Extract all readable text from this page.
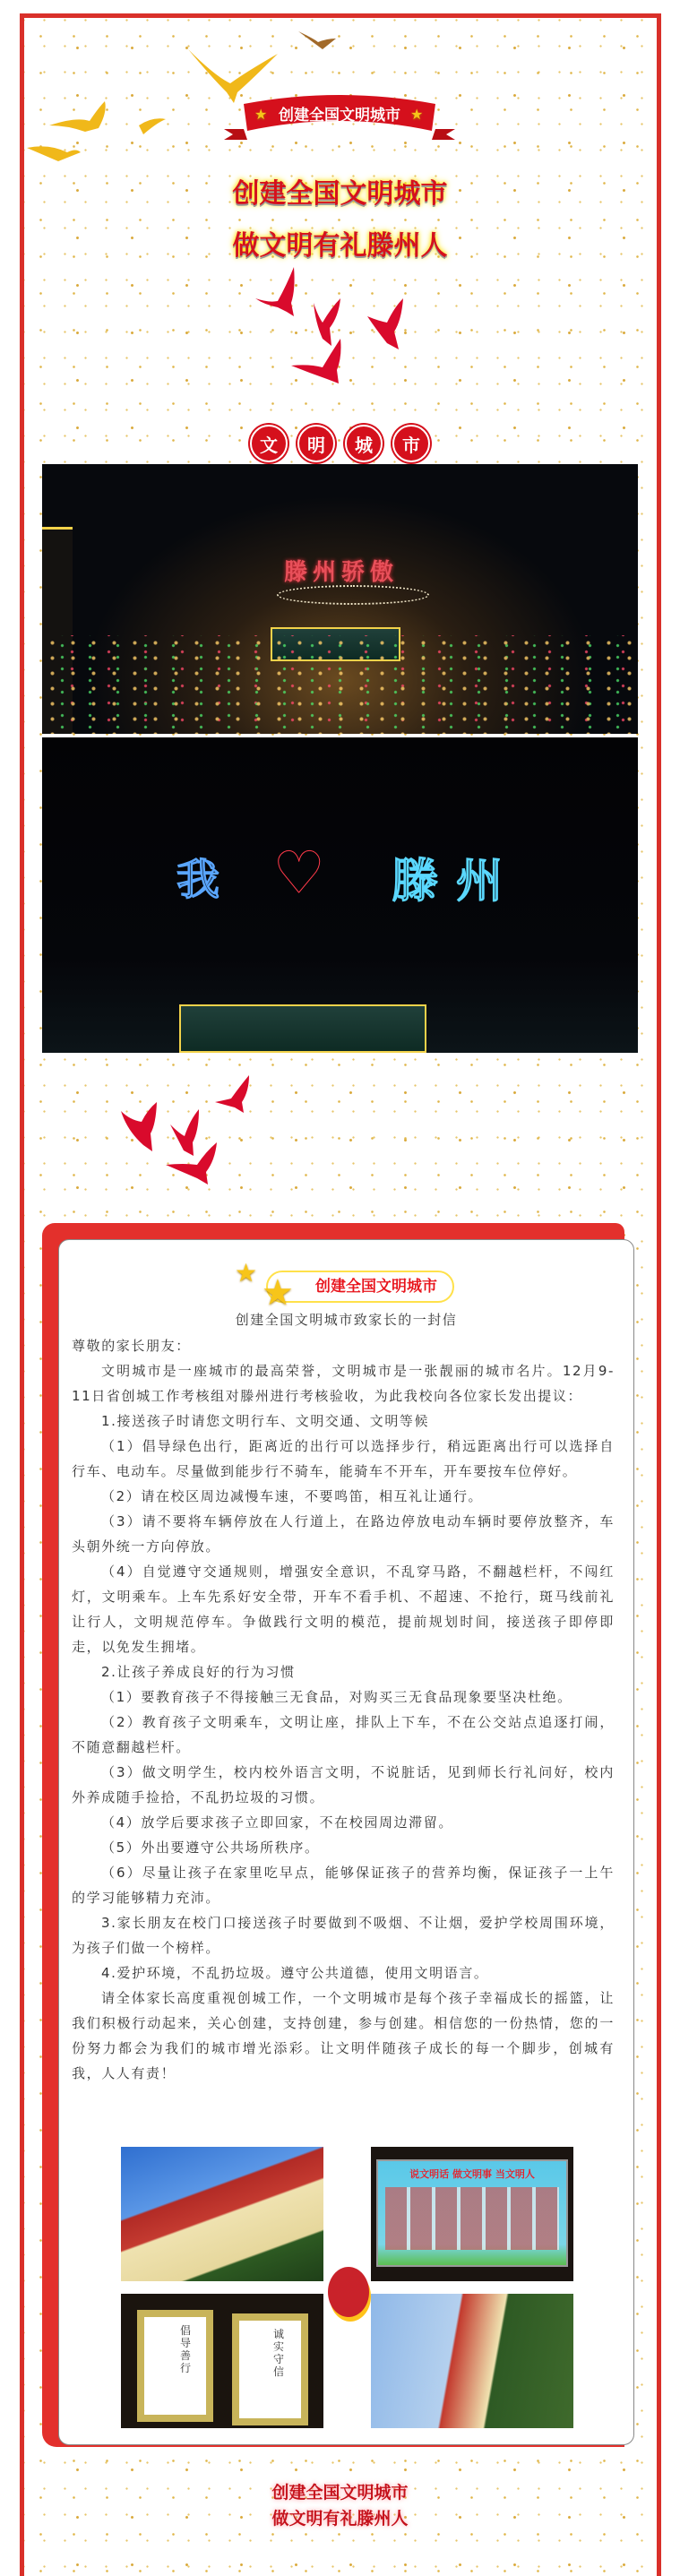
★	★
创建全国文明城市
创建全国文明城市
做文明有礼滕州人
文	明	城	市
滕州骄傲
我 ♥ 滕州
★ ★	创建全国文明城市
创建全国文明城市致家长的一封信

尊敬的家长朋友：

文明城市是一座城市的最高荣誉，文明城市是一张靓丽的城市名片。12月9-11日省创城工作考核组对滕州进行考核验收，为此我校向各位家长发出提议：

1.接送孩子时请您文明行车、文明交通、文明等候

（1）倡导绿色出行，距离近的出行可以选择步行，稍远距离出行可以选择自行车、电动车。尽量做到能步行不骑车，能骑车不开车，开车要按车位停好。

（2）请在校区周边减慢车速，不要鸣笛，相互礼让通行。

（3）请不要将车辆停放在人行道上，在路边停放电动车辆时要停放整齐，车头朝外统一方向停放。

（4）自觉遵守交通规则，增强安全意识，不乱穿马路，不翻越栏杆，不闯红灯，文明乘车。上车先系好安全带，开车不看手机、不超速、不抢行，斑马线前礼让行人，文明规范停车。争做践行文明的模范，提前规划时间，接送孩子即停即走，以免发生拥堵。

2.让孩子养成良好的行为习惯

（1）要教育孩子不得接触三无食品，对购买三无食品现象要坚决杜绝。

（2）教育孩子文明乘车，文明让座，排队上下车，不在公交站点追逐打闹，不随意翻越栏杆。

（3）做文明学生，校内校外语言文明，不说脏话，见到师长行礼问好，校内外养成随手捡拾，不乱扔垃圾的习惯。

（4）放学后要求孩子立即回家，不在校园周边滞留。

（5）外出要遵守公共场所秩序。

（6）尽量让孩子在家里吃早点，能够保证孩子的营养均衡，保证孩子一上午的学习能够精力充沛。

3.家长朋友在校门口接送孩子时要做到不吸烟、不让烟，爱护学校周围环境，为孩子们做一个榜样。

4.爱护环境，不乱扔垃圾。遵守公共道德，使用文明语言。

请全体家长高度重视创城工作，一个文明城市是每个孩子幸福成长的摇篮，让我们积极行动起来，关心创建，支持创建，参与创建。相信您的一份热情，您的一份努力都会为我们的城市增光添彩。让文明伴随孩子成长的每一个脚步，创城有我，人人有责！

说文明话 做文明事 当文明人
倡导善行
诚实守信
创建全国文明城市
做文明有礼滕州人
